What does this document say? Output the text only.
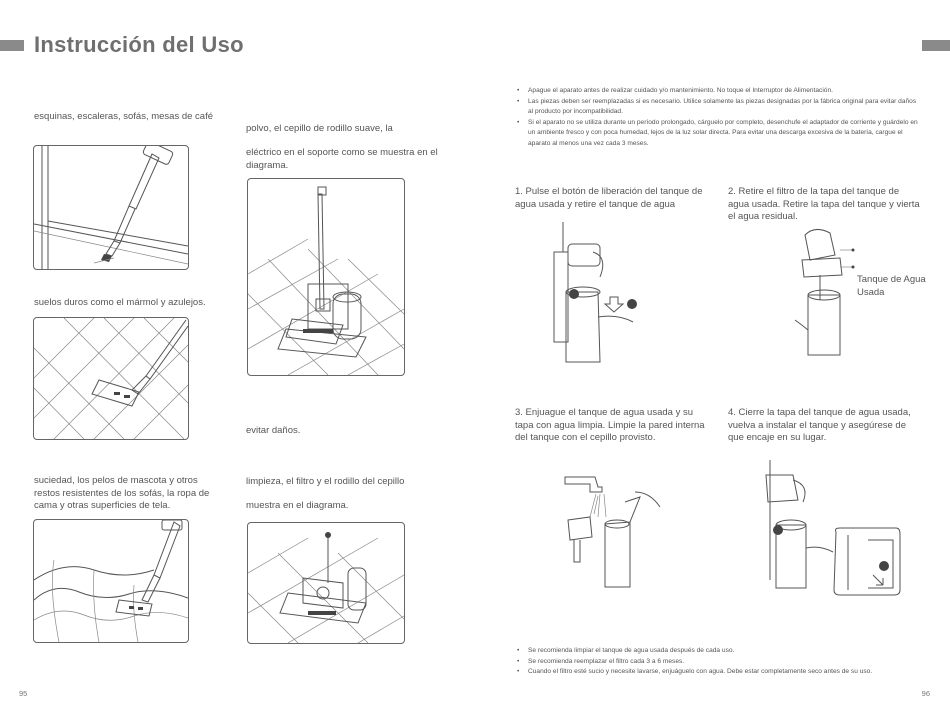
Instrucción del Uso
esquinas, escaleras, sofás, mesas de café
suelos duros como el mármol y azulejos.
suciedad, los pelos de mascota y otros restos resistentes de los sofás, la ropa de cama y otras superficies de tela.
polvo, el cepillo de rodillo suave, la
eléctrico en el soporte como se muestra en el diagrama.
evitar daños.
limpieza, el filtro y el rodillo del cepillo
muestra en el diagrama.
95
• Apague el aparato antes de realizar cuidado y/o mantenimiento. No toque el Interruptor de Alimentación.
• Las piezas deben ser reemplazadas si es necesario. Utilice solamente las piezas designadas por la fábrica original para evitar daños al producto por incompatibilidad.
• Si el aparato no se utiliza durante un período prolongado, cárguelo por completo, desenchufe el adaptador de corriente y guárdelo en un ambiente fresco y con poca humedad, lejos de la luz solar directa. Para evitar una descarga excesiva de la batería, cargue el aparato al menos una vez cada 3 meses.
1. Pulse el botón de liberación del tanque de agua usada y retire el tanque de agua
2. Retire el filtro de la tapa del tanque de agua usada. Retire la tapa del tanque y vierta el agua residual.
Tanque de Agua Usada
3. Enjuague el tanque de agua usada y su tapa con agua limpia. Limpie la pared interna del tanque con el cepillo provisto.
4. Cierre la tapa del tanque de agua usada, vuelva a instalar el tanque y asegúrese de que encaje en su lugar.
• Se recomienda limpiar el tanque de agua usada después de cada uso.
• Se recomienda reemplazar el filtro cada 3 a 6 meses.
• Cuando el filtro esté sucio y necesite lavarse, enjuáguelo con agua. Debe estar completamente seco antes de su uso.
96
